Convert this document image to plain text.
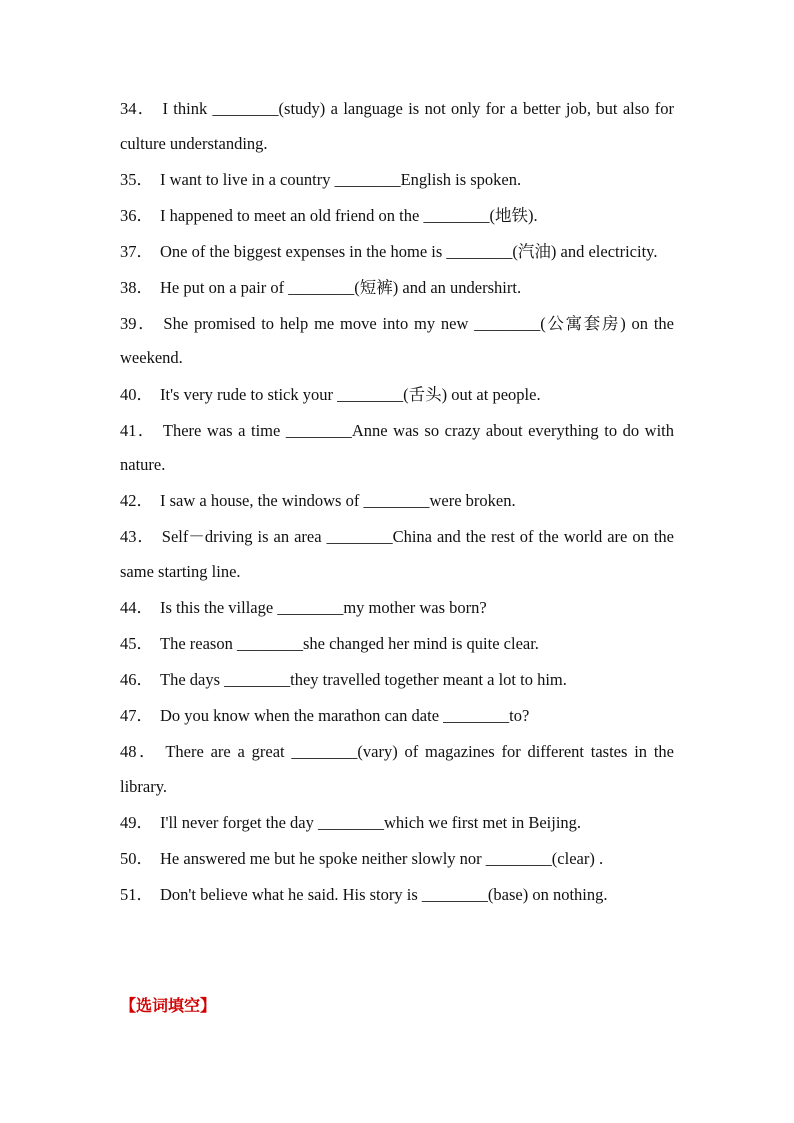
34． I think ________(study) a language is not only for a better job, but also for culture understanding.
35． I want to live in a country ________English is spoken.
36． I happened to meet an old friend on the ________(地铁).
37． One of the biggest expenses in the home is ________(汽油) and electricity.
38． He put on a pair of ________(短裤) and an undershirt.
39． She promised to help me move into my new ________(公寓套房) on the weekend.
40． It's very rude to stick your ________(舌头) out at people.
41． There was a time ________Anne was so crazy about everything to do with nature.
42． I saw a house, the windows of ________were broken.
43． Self－driving is an area ________China and the rest of the world are on the same starting line.
44． Is this the village ________my mother was born?
45． The reason ________she changed her mind is quite clear.
46． The days ________they travelled together meant a lot to him.
47． Do you know when the marathon can date ________to?
48． There are a great ________(vary) of magazines for different tastes in the library.
49． I'll never forget the day ________which we first met in Beijing.
50． He answered me but he spoke neither slowly nor ________(clear) .
51． Don't believe what he said. His story is ________(base) on nothing.
【选词填空】
